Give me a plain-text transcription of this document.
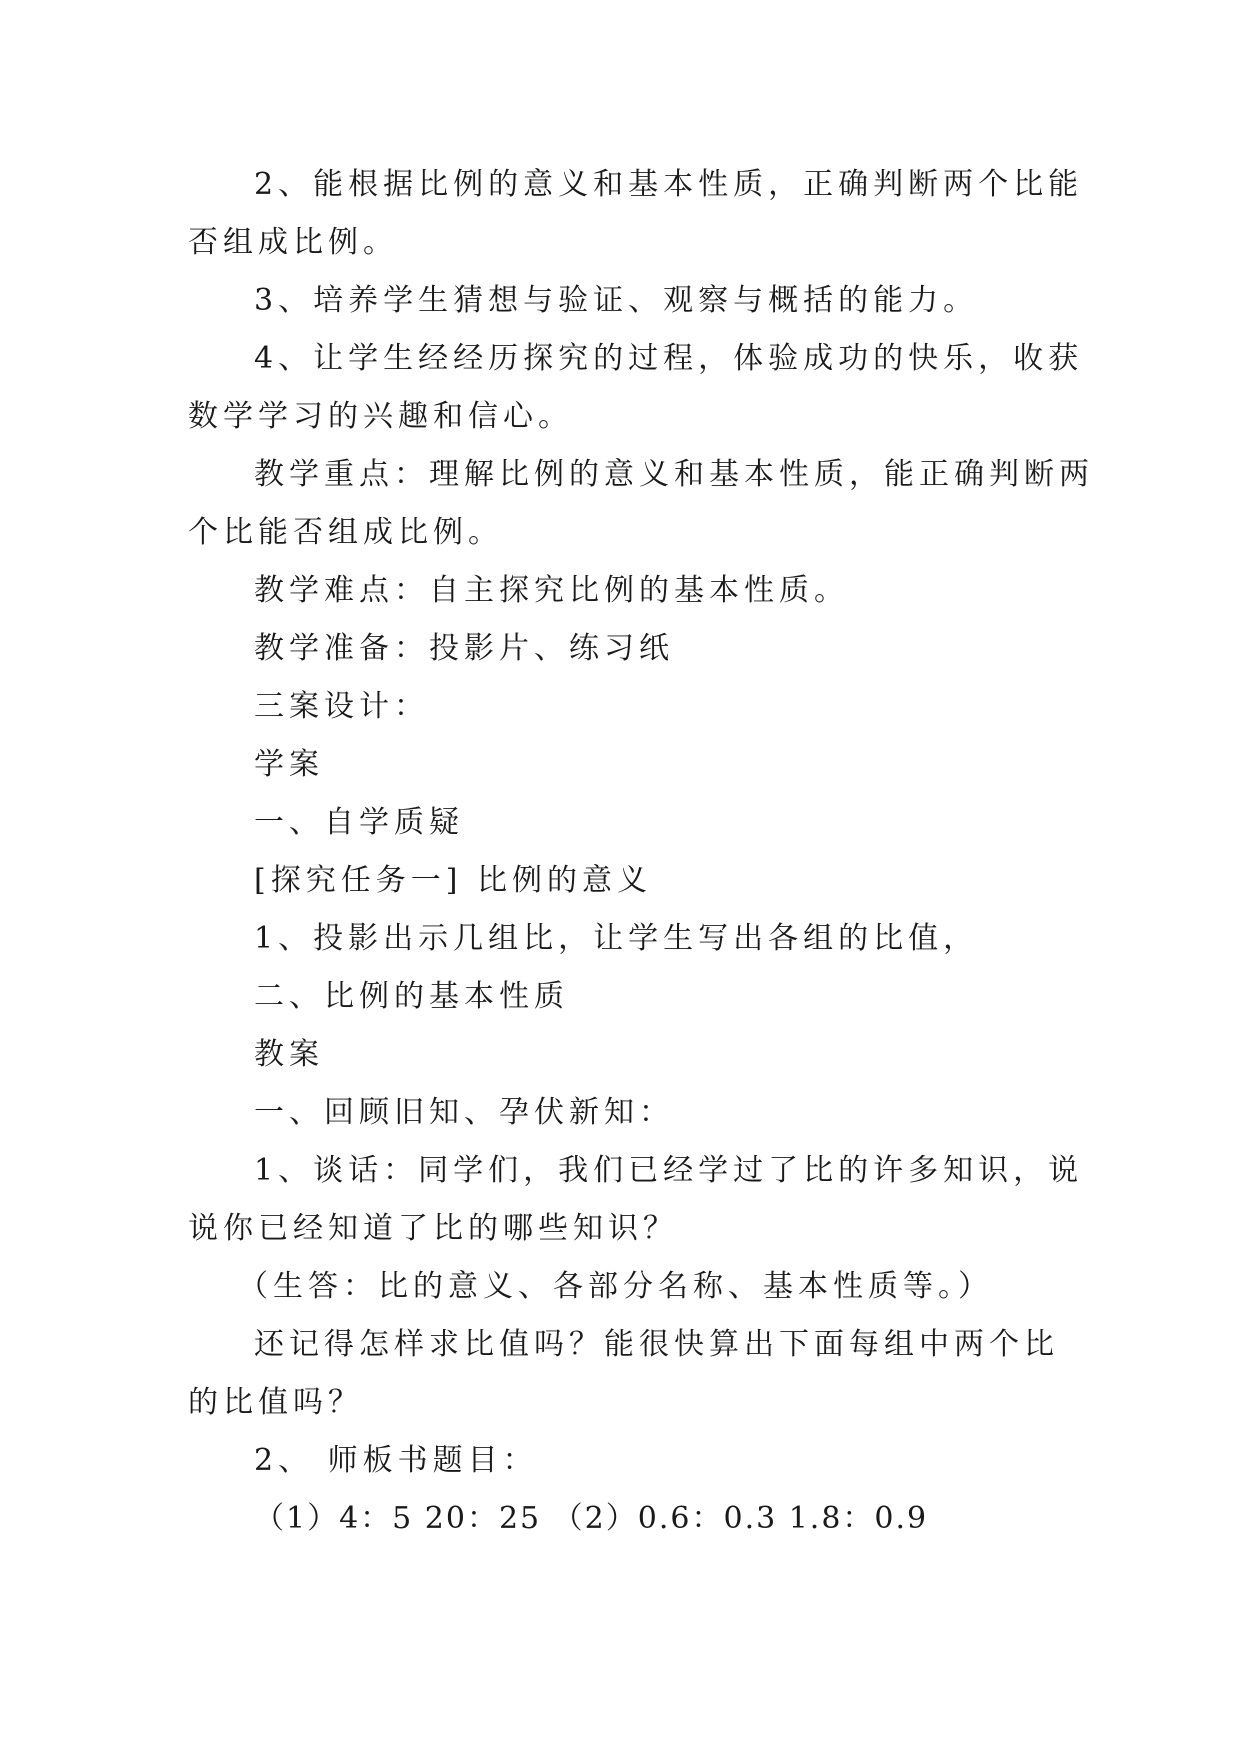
2、能根据比例的意义和基本性质，正确判断两个比能
否组成比例。
3、培养学生猜想与验证、观察与概括的能力。
4、让学生经经历探究的过程，体验成功的快乐，收获
数学学习的兴趣和信心。
教学重点：理解比例的意义和基本性质，能正确判断两
个比能否组成比例。
教学难点：自主探究比例的基本性质。
教学准备：投影片、练习纸
三案设计：
学案
一、自学质疑
[探究任务一] 比例的意义
1、投影出示几组比，让学生写出各组的比值，
二、比例的基本性质
教案
一、回顾旧知、孕伏新知：
1、谈话：同学们，我们已经学过了比的许多知识，说
说你已经知道了比的哪些知识？
（生答：比的意义、各部分名称、基本性质等。）
还记得怎样求比值吗？能很快算出下面每组中两个比
的比值吗？
2、 师板书题目：
（1）4：5 20：25 （2）0.6：0.3 1.8：0.9
